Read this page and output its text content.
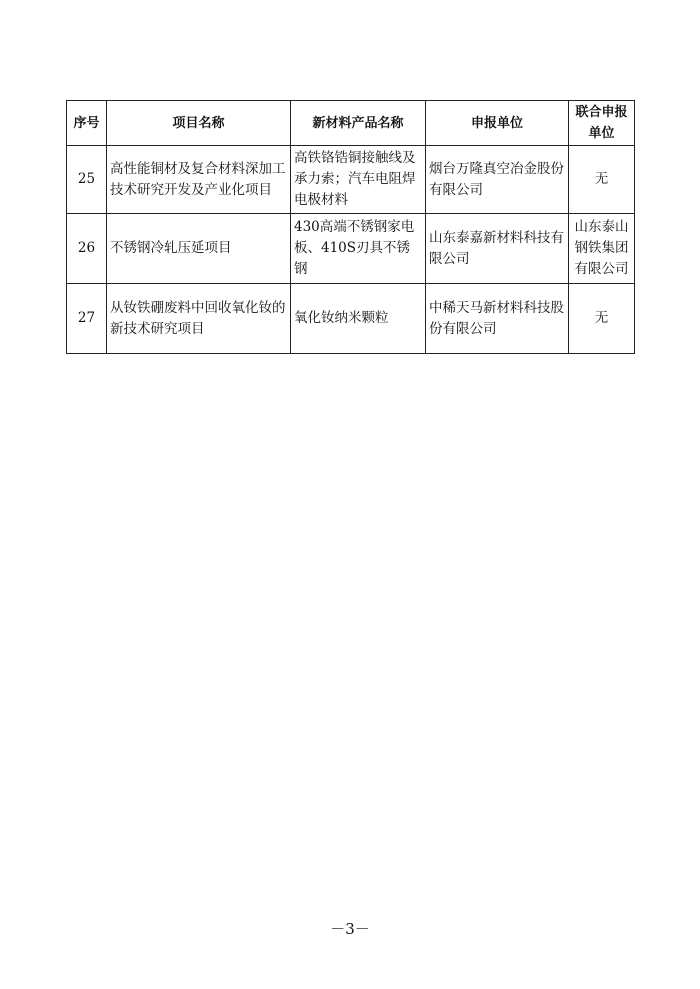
序号	项目名称	新材料产品名称	申报单位	联合申报单位
25	高性能铜材及复合材料深加工技术研究开发及产业化项目	高铁铬锆铜接触线及承力索；汽车电阻焊电极材料	烟台万隆真空冶金股份有限公司	无
26	不锈钢冷轧压延项目	430高端不锈钢家电板、410S刃具不锈钢	山东泰嘉新材料科技有限公司	山东泰山钢铁集团有限公司
27	从钕铁硼废料中回收氧化钕的新技术研究项目	氧化钕纳米颗粒	中稀天马新材料科技股份有限公司	无
－3－
